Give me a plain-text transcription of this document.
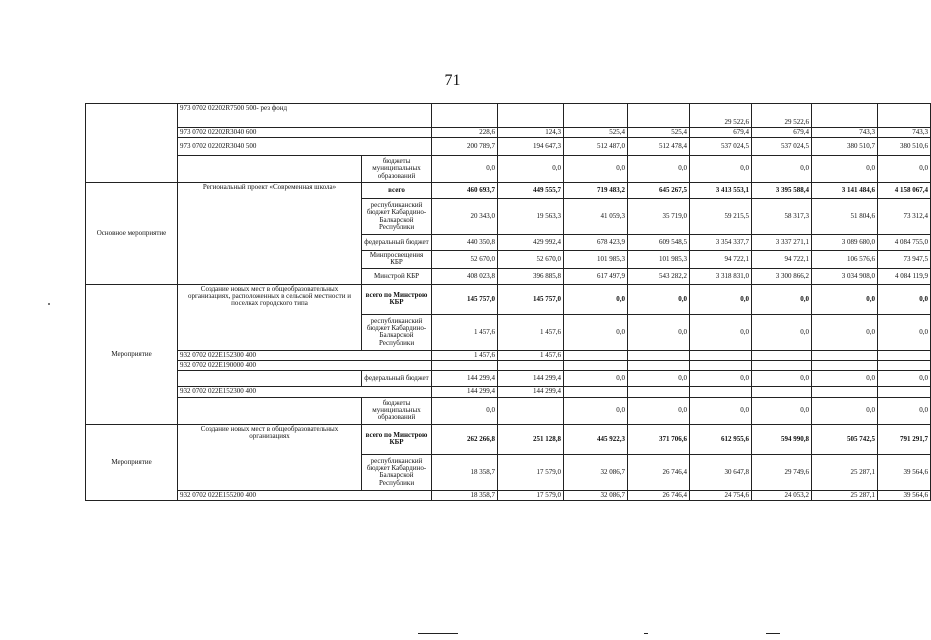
71
	973 0702 02202R7500 500- рез фонд						29 522,6	29 522,6			
	973 0702 02202R3040 600		228,6	124,3	525,4	525,4	679,4	679,4	743,3	743,3	
	973 0702 02202R3040 500		200 789,7	194 647,3	512 487,0	512 478,4	537 024,5	537 024,5	380 510,7	380 510,6	
		бюджеты муниципальных образований	0,0	0,0	0,0	0,0	0,0	0,0	0,0	0,0	
Основное мероприятие	Региональный проект «Современная школа»	всего	460 693,7	449 555,7	719 483,2	645 267,5	3 413 553,1	3 395 588,4	3 141 484,6	4 158 067,4	
		республиканский бюджет Кабардино-Балкарской Республики	20 343,0	19 563,3	41 059,3	35 719,0	59 215,5	58 317,3	51 804,6	73 312,4	
		федеральный бюджет	440 350,8	429 992,4	678 423,9	609 548,5	3 354 337,7	3 337 271,1	3 089 680,0	4 084 755,0	
		Минпросвещения КБР	52 670,0	52 670,0	101 985,3	101 985,3	94 722,1	94 722,1	106 576,6	73 947,5	
		Минстрой КБР	408 023,8	396 885,8	617 497,9	543 282,2	3 318 831,0	3 300 866,2	3 034 908,0	4 084 119,9	
Мероприятие	Создание новых мест в общеобразовательных организациях, расположенных в сельской местности и поселках городского типа	всего по Минстрою КБР	145 757,0	145 757,0	0,0	0,0	0,0	0,0	0,0	0,0	
		республиканский бюджет Кабардино-Балкарской Республики	1 457,6	1 457,6	0,0	0,0	0,0	0,0	0,0	0,0	
	932 0702 022E152300 400		1 457,6	1 457,6							
	932 0702 022E190000 400										
		федеральный бюджет	144 299,4	144 299,4	0,0	0,0	0,0	0,0	0,0	0,0	
	932 0702 022E152300 400		144 299,4	144 299,4							
		бюджеты муниципальных образований	0,0		0,0	0,0	0,0	0,0	0,0	0,0	
Мероприятие	Создание новых мест в общеобразовательных организациях	всего по Минстрою КБР	262 266,8	251 128,8	445 922,3	371 706,6	612 955,6	594 990,8	505 742,5	791 291,7	
		республиканский бюджет Кабардино-Балкарской Республики	18 358,7	17 579,0	32 086,7	26 746,4	30 647,8	29 749,6	25 287,1	39 564,6	
	932 0702 022E155200 400		18 358,7	17 579,0	32 086,7	26 746,4	24 754,6	24 053,2	25 287,1	39 564,6	
